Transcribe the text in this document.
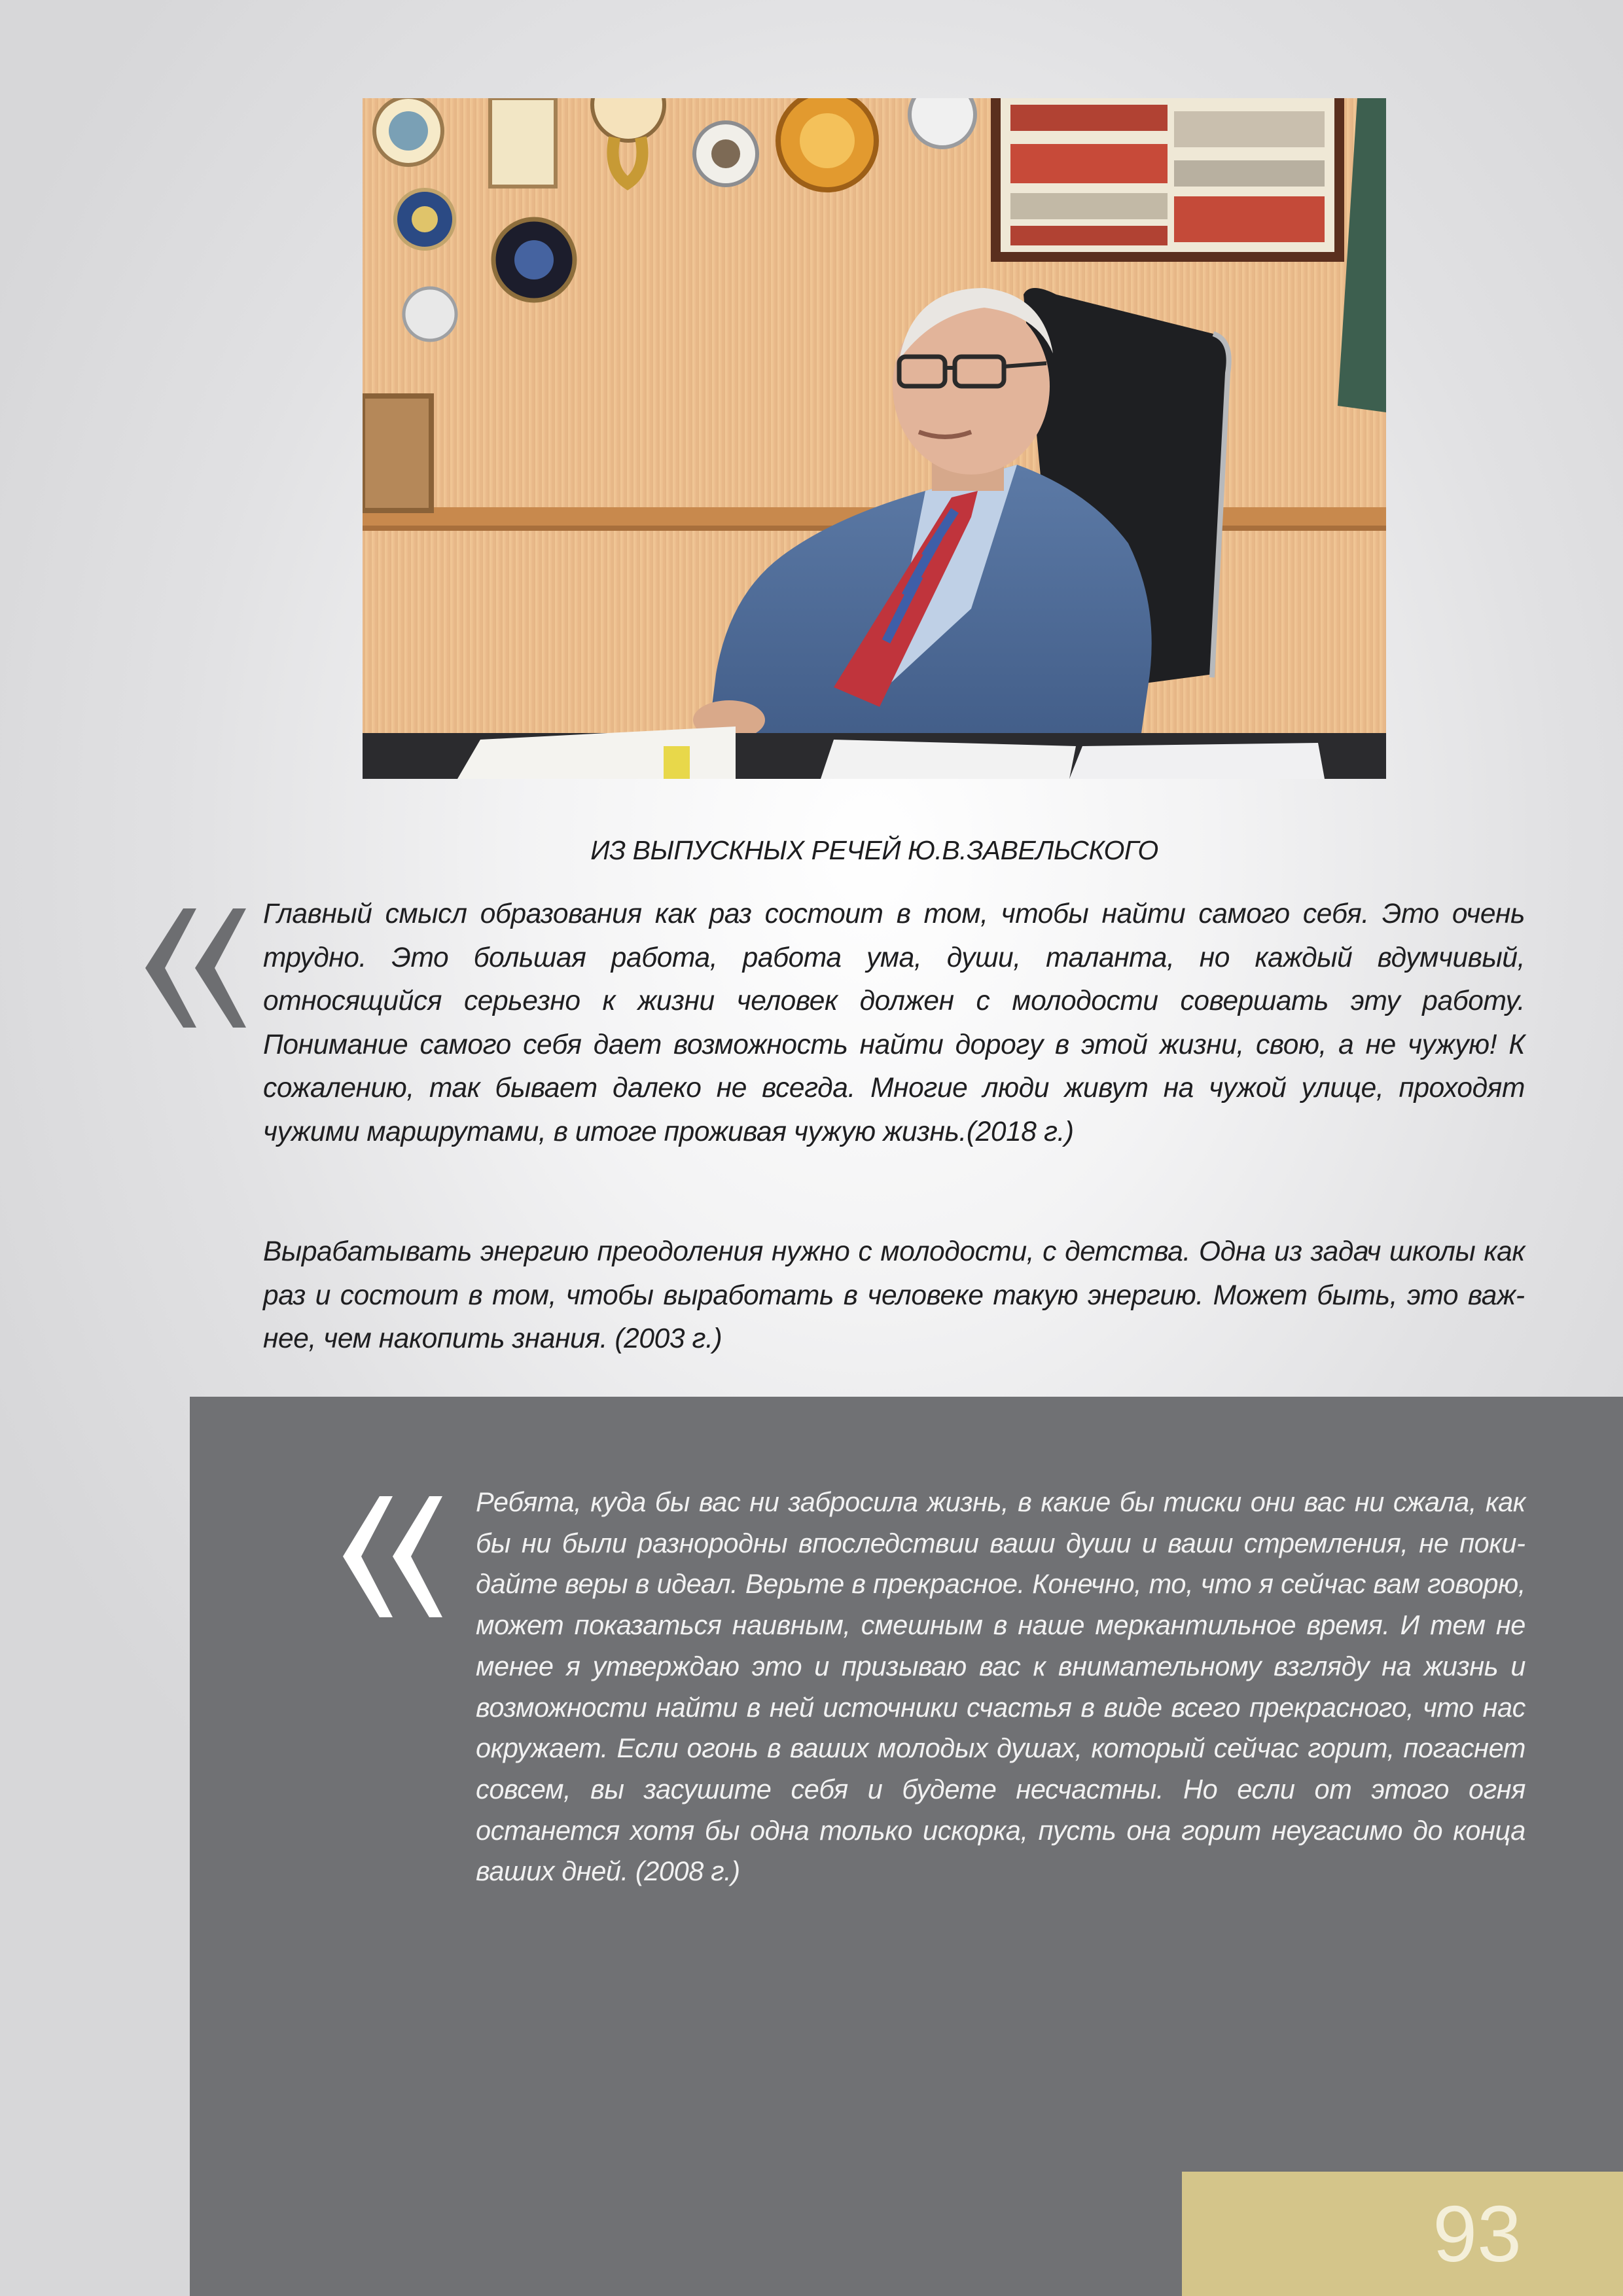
ИЗ ВЫПУСКНЫХ РЕЧЕЙ Ю.В.ЗАВЕЛЬСКОГО
Главный смысл образования как раз состоит в том, чтобы найти самого себя. Это очень трудно. Это большая работа, работа ума, души, таланта, но каждый вдумчивый, относящийся серьезно к жизни человек должен с молодости совершать эту работу. Понимание самого себя дает возможность найти дорогу в этой жизни, свою, а не чужую! К сожалению, так бывает далеко не всегда. Многие люди живут на чужой улице, проходят чужими маршрутами, в итоге проживая чужую жизнь.(2018 г.)
Вырабатывать энергию преодоления нужно с молодости, с детства. Одна из задач школы как раз и состоит в том, чтобы выработать в человеке такую энергию. Может быть, это важнее, чем накопить знания. (2003 г.)
Ребята, куда бы вас ни забросила жизнь, в какие бы тиски они вас ни сжала, как бы ни были разнородны впоследствии ваши души и ваши стремления, не покидайте веры в идеал. Верьте в прекрасное. Конечно, то, что я сейчас вам говорю, может показаться наивным, смешным в наше меркантильное время. И тем не менее я утверждаю это и призываю вас к внимательному взгляду на жизнь и возможности найти в ней источники счастья в виде всего прекрасного, что нас окружает. Если огонь в ваших молодых душах, который сейчас горит, погаснет совсем, вы засушите себя и будете несчастны. Но если от этого огня останется хотя бы одна только искорка, пусть она горит неугасимо до конца ваших дней. (2008 г.)
93
